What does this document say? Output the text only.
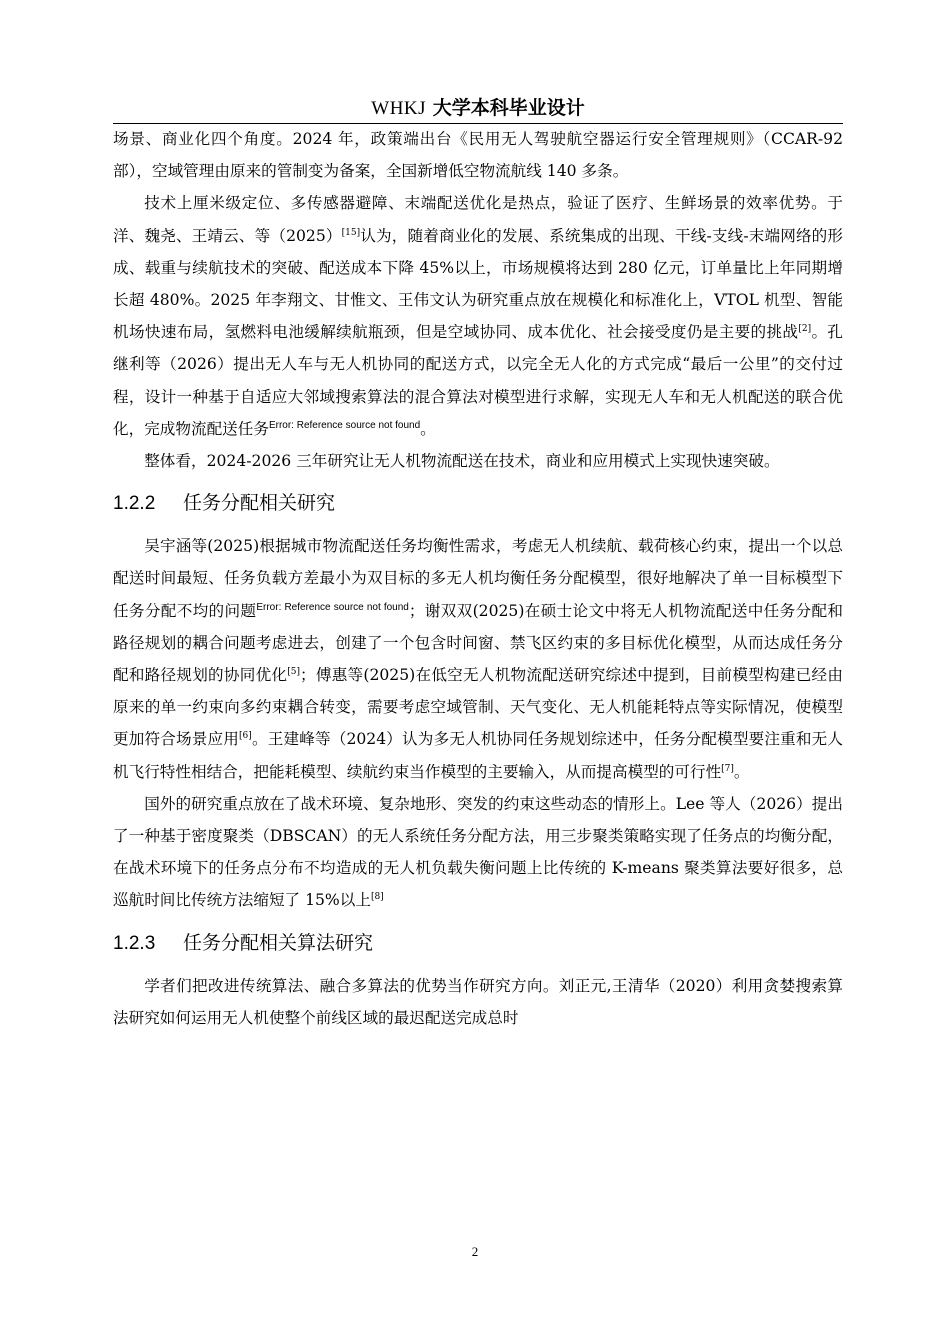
WHKJ 大学本科毕业设计

场景、商业化四个角度。2024 年，政策端出台《民用无人驾驶航空器运行安全管理规则》（CCAR-92 部），空域管理由原来的管制变为备案，全国新增低空物流航线 140 多条。

技术上厘米级定位、多传感器避障、末端配送优化是热点，验证了医疗、生鲜场景的效率优势。于洋、魏尧、王靖云、等（2025）[15]认为，随着商业化的发展、系统集成的出现、干线-支线-末端网络的形成、载重与续航技术的突破、配送成本下降 45%以上，市场规模将达到 280 亿元，订单量比上年同期增长超 480%。2025 年李翔文、甘惟文、王伟文认为研究重点放在规模化和标准化上，VTOL 机型、智能机场快速布局，氢燃料电池缓解续航瓶颈，但是空域协同、成本优化、社会接受度仍是主要的挑战[2]。孔继利等（2026）提出无人车与无人机协同的配送方式，以完全无人化的方式完成“最后一公里”的交付过程，设计一种基于自适应大邻域搜索算法的混合算法对模型进行求解，实现无人车和无人机配送的联合优化，完成物流配送任务$^{Error: Reference source not found}$。

整体看，2024-2026 三年研究让无人机物流配送在技术，商业和应用模式上实现快速突破。

1.2.2 任务分配相关研究

吴宇涵等(2025)根据城市物流配送任务均衡性需求，考虑无人机续航、载荷核心约束，提出一个以总配送时间最短、任务负载方差最小为双目标的多无人机均衡任务分配模型，很好地解决了单一目标模型下任务分配不均的问题$^{Error: Reference source not found}$；谢双双(2025)在硕士论文中将无人机物流配送中任务分配和路径规划的耦合问题考虑进去，创建了一个包含时间窗、禁飞区约束的多目标优化模型，从而达成任务分配和路径规划的协同优化[5]；傅惠等(2025)在低空无人机物流配送研究综述中提到，目前模型构建已经由原来的单一约束向多约束耦合转变，需要考虑空域管制、天气变化、无人机能耗特点等实际情况，使模型更加符合场景应用[6]。王建峰等（2024）认为多无人机协同任务规划综述中，任务分配模型要注重和无人机飞行特性相结合，把能耗模型、续航约束当作模型的主要输入，从而提高模型的可行性[7]。

国外的研究重点放在了战术环境、复杂地形、突发的约束这些动态的情形上。Lee 等人（2026）提出了一种基于密度聚类（DBSCAN）的无人系统任务分配方法，用三步聚类策略实现了任务点的均衡分配，在战术环境下的任务点分布不均造成的无人机负载失衡问题上比传统的 K-means 聚类算法要好很多，总巡航时间比传统方法缩短了 15%以上[8]

1.2.3 任务分配相关算法研究

学者们把改进传统算法、融合多算法的优势当作研究方向。刘正元,王清华（2020）利用贪婪搜索算法研究如何运用无人机使整个前线区域的最迟配送完成总时

2
